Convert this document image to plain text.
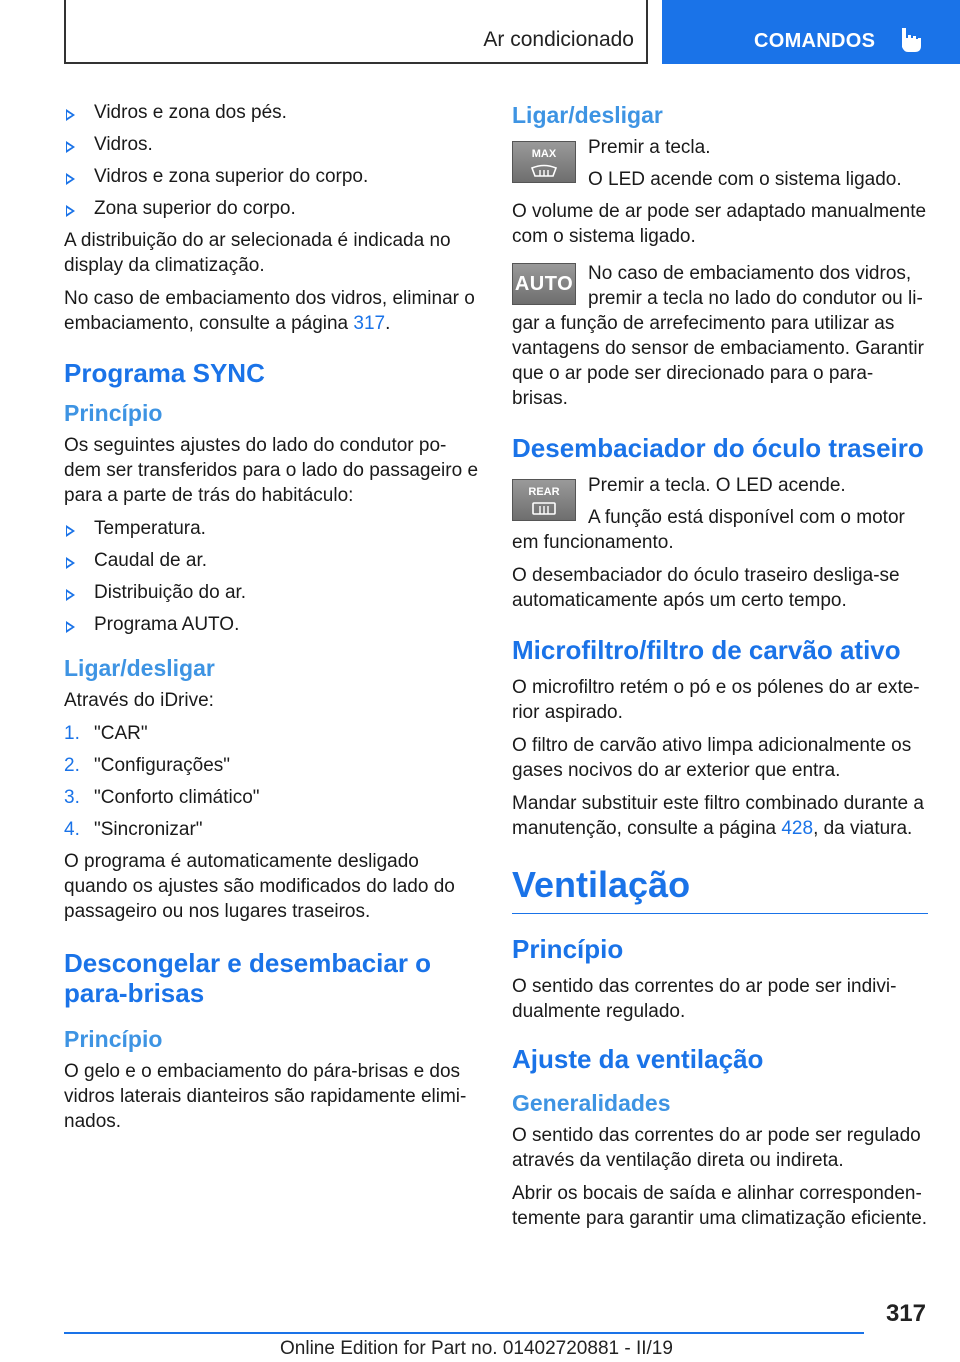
Ar condicionado	COMANDOS
Vidros e zona dos pés.
Vidros.
Vidros e zona superior do corpo.
Zona superior do corpo.

A distribuição do ar selecionada é indicada no display da climatização.

No caso de embaciamento dos vidros, eliminar o embaciamento, consulte a página 317.

Programa SYNC
Princípio

Os seguintes ajustes do lado do condutor po-dem ser transferidos para o lado do passageiro e para a parte de trás do habitáculo:

Temperatura.
Caudal de ar.
Distribuição do ar.
Programa AUTO.
Ligar/desligar

Através do iDrive:

1. "CAR"
2. "Configurações"
3. "Conforto climático"
4. "Sincronizar"

O programa é automaticamente desligado quando os ajustes são modificados do lado do passageiro ou nos lugares traseiros.

Descongelar e desembaciar o para-brisas
Princípio

O gelo e o embaciamento do pára-brisas e dos vidros laterais dianteiros são rapidamente elimi-nados.

Ligar/desligar
MAX	Premir a tecla.

O LED acende com o sistema ligado.

O volume de ar pode ser adaptado manualmente com o sistema ligado.

AUTO No caso de embaciamento dos vidros, premir a tecla no lado do condutor ou li-

gar a função de arrefecimento para utilizar as vantagens do sensor de embaciamento. Garantir que o ar pode ser direcionado para o para-brisas.

Desembaciador do óculo traseiro
REAR	Premir a tecla. O LED acende.

A função está disponível com o motor

em funcionamento.

O desembaciador do óculo traseiro desliga-se automaticamente após um certo tempo.

Microfiltro/filtro de carvão ativo

O microfiltro retém o pó e os pólenes do ar exte-rior aspirado.

O filtro de carvão ativo limpa adicionalmente os gases nocivos do ar exterior que entra.

Mandar substituir este filtro combinado durante a manutenção, consulte a página 428, da viatura.

Ventilação
Princípio

O sentido das correntes do ar pode ser indivi-dualmente regulado.

Ajuste da ventilação
Generalidades

O sentido das correntes do ar pode ser regulado através da ventilação direta ou indireta.

Abrir os bocais de saída e alinhar corresponden-temente para garantir uma climatização eficiente.

317
Online Edition for Part no. 01402720881 - II/19
